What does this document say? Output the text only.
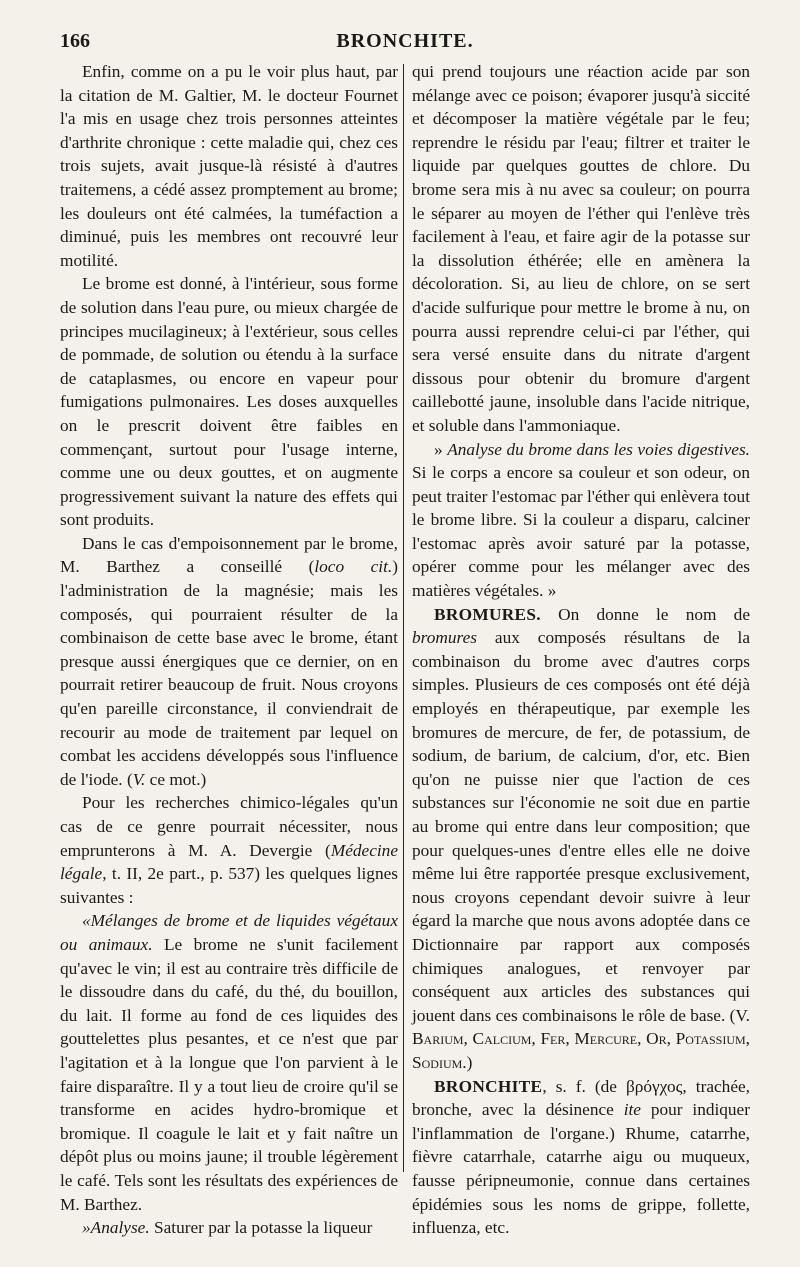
166	BRONCHITE.

Enfin, comme on a pu le voir plus haut, par la citation de M. Galtier, M. le docteur Fournet l'a mis en usage chez trois personnes atteintes d'arthrite chronique : cette maladie qui, chez ces trois sujets, avait jusque-là résisté à d'autres traitemens, a cédé assez promptement au brome; les douleurs ont été calmées, la tuméfaction a diminué, puis les membres ont recouvré leur motilité.

Le brome est donné, à l'intérieur, sous forme de solution dans l'eau pure, ou mieux chargée de principes mucilagineux; à l'extérieur, sous celles de pommade, de solution ou étendu à la surface de cataplasmes, ou encore en vapeur pour fumigations pulmonaires. Les doses auxquelles on le prescrit doivent être faibles en commençant, surtout pour l'usage interne, comme une ou deux gouttes, et on augmente progressivement suivant la nature des effets qui sont produits.

Dans le cas d'empoisonnement par le brome, M. Barthez a conseillé (loco cit.) l'administration de la magnésie; mais les composés, qui pourraient résulter de la combinaison de cette base avec le brome, étant presque aussi énergiques que ce dernier, on en pourrait retirer beaucoup de fruit. Nous croyons qu'en pareille circonstance, il conviendrait de recourir au mode de traitement par lequel on combat les accidens développés sous l'influence de l'iode. (V. ce mot.)

Pour les recherches chimico-légales qu'un cas de ce genre pourrait nécessiter, nous emprunterons à M. A. Devergie (Médecine légale, t. II, 2e part., p. 537) les quelques lignes suivantes :

«Mélanges de brome et de liquides végétaux ou animaux. Le brome ne s'unit facilement qu'avec le vin; il est au contraire très difficile de le dissoudre dans du café, du thé, du bouillon, du lait. Il forme au fond de ces liquides des gouttelettes plus pesantes, et ce n'est que par l'agitation et à la longue que l'on parvient à le faire disparaître. Il y a tout lieu de croire qu'il se transforme en acides hydro-bromique et bromique. Il coagule le lait et y fait naître un dépôt plus ou moins jaune; il trouble légèrement le café. Tels sont les résultats des expériences de M. Barthez.

»Analyse. Saturer par la potasse la liqueur

qui prend toujours une réaction acide par son mélange avec ce poison; évaporer jusqu'à siccité et décomposer la matière végétale par le feu; reprendre le résidu par l'eau; filtrer et traiter le liquide par quelques gouttes de chlore. Du brome sera mis à nu avec sa couleur; on pourra le séparer au moyen de l'éther qui l'enlève très facilement à l'eau, et faire agir de la potasse sur la dissolution éthérée; elle en amènera la décoloration. Si, au lieu de chlore, on se sert d'acide sulfurique pour mettre le brome à nu, on pourra aussi reprendre celui-ci par l'éther, qui sera versé ensuite dans du nitrate d'argent dissous pour obtenir du bromure d'argent caillebotté jaune, insoluble dans l'acide nitrique, et soluble dans l'ammoniaque.

» Analyse du brome dans les voies digestives. Si le corps a encore sa couleur et son odeur, on peut traiter l'estomac par l'éther qui enlèvera tout le brome libre. Si la couleur a disparu, calciner l'estomac après avoir saturé par la potasse, opérer comme pour les mélanger avec des matières végétales. »

BROMURES. On donne le nom de bromures aux composés résultans de la combinaison du brome avec d'autres corps simples. Plusieurs de ces composés ont été déjà employés en thérapeutique, par exemple les bromures de mercure, de fer, de potassium, de sodium, de barium, de calcium, d'or, etc. Bien qu'on ne puisse nier que l'action de ces substances sur l'économie ne soit due en partie au brome qui entre dans leur composition; que pour quelques-unes d'entre elles elle ne doive même lui être rapportée presque exclusivement, nous croyons cependant devoir suivre à leur égard la marche que nous avons adoptée dans ce Dictionnaire par rapport aux composés chimiques analogues, et renvoyer par conséquent aux articles des substances qui jouent dans ces combinaisons le rôle de base. (V. Barium, Calcium, Fer, Mercure, Or, Potassium, Sodium.)

BRONCHITE, s. f. (de βρόγχος, trachée, bronche, avec la désinence ite pour indiquer l'inflammation de l'organe.) Rhume, catarrhe, fièvre catarrhale, catarrhe aigu ou muqueux, fausse péripneumonie, connue dans certaines épidémies sous les noms de grippe, follette, influenza, etc.
